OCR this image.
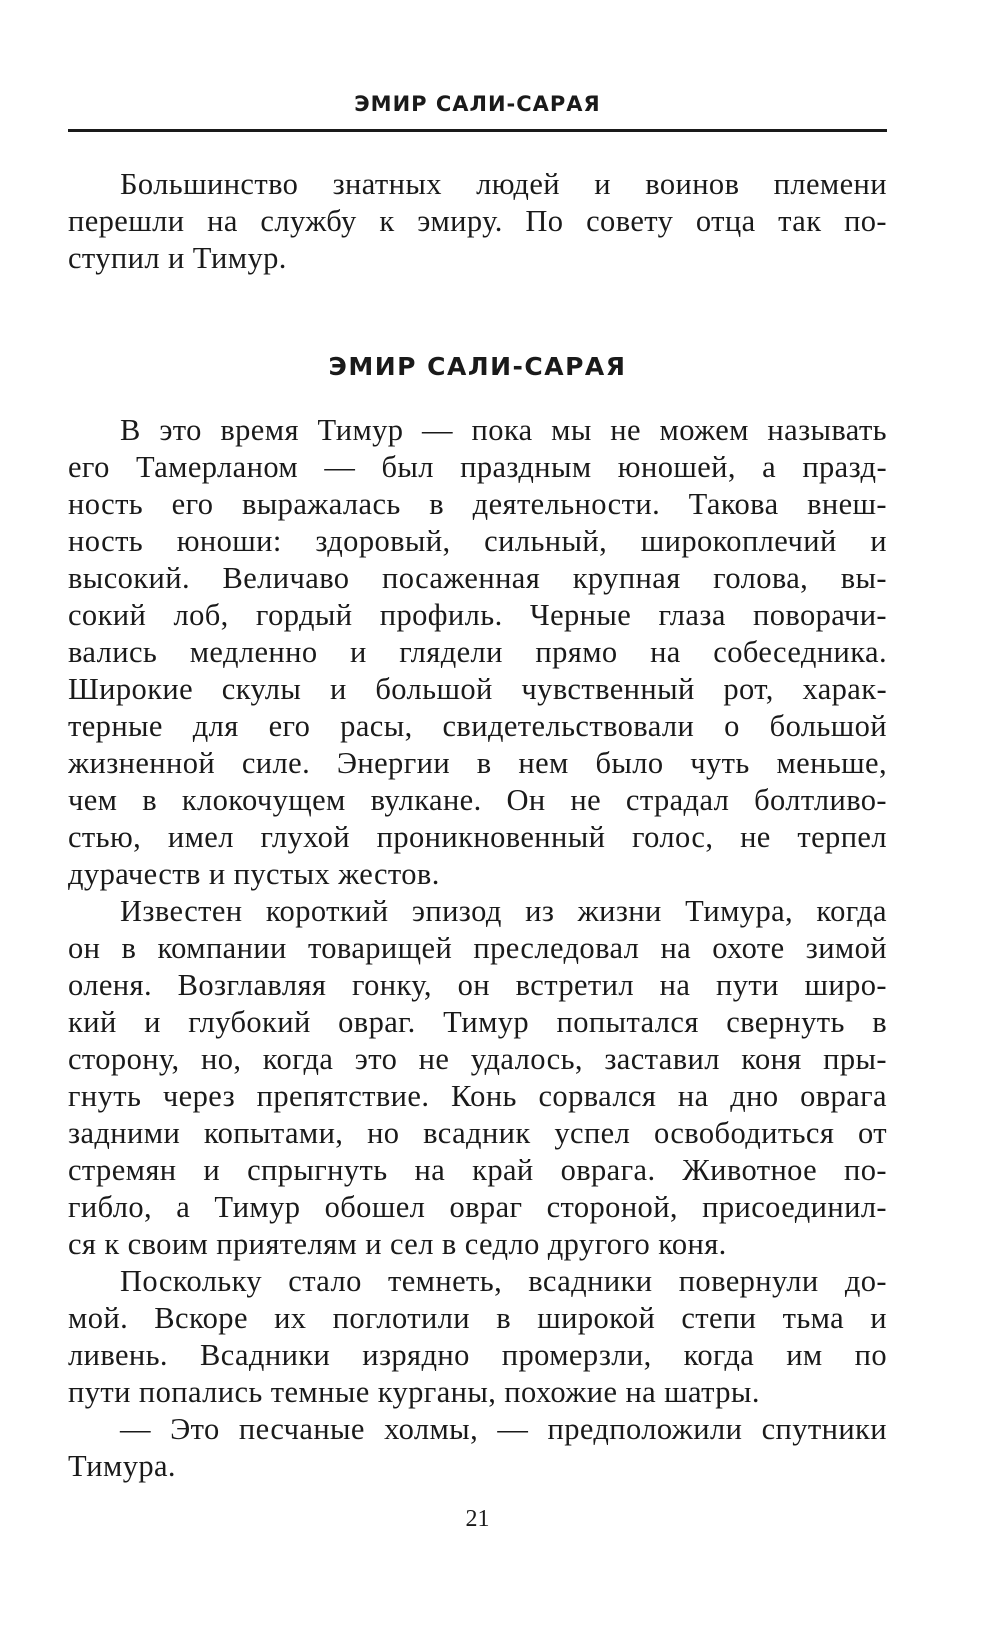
ЭМИР САЛИ-САРАЯ
Большинство знатных людей и воинов племени
перешли на службу к эмиру. По совету отца так по-
ступил и Тимур.
ЭМИР САЛИ-САРАЯ
В это время Тимур — пока мы не можем называть
его Тамерланом — был праздным юношей, а празд-
ность его выражалась в деятельности. Такова внеш-
ность юноши: здоровый, сильный, широкоплечий и
высокий. Величаво посаженная крупная голова, вы-
сокий лоб, гордый профиль. Черные глаза поворачи-
вались медленно и глядели прямо на собеседника.
Широкие скулы и большой чувственный рот, харак-
терные для его расы, свидетельствовали о большой
жизненной силе. Энергии в нем было чуть меньше,
чем в клокочущем вулкане. Он не страдал болтливо-
стью, имел глухой проникновенный голос, не терпел
дурачеств и пустых жестов.
Известен короткий эпизод из жизни Тимура, когда
он в компании товарищей преследовал на охоте зимой
оленя. Возглавляя гонку, он встретил на пути широ-
кий и глубокий овраг. Тимур попытался свернуть в
сторону, но, когда это не удалось, заставил коня пры-
гнуть через препятствие. Конь сорвался на дно оврага
задними копытами, но всадник успел освободиться от
стремян и спрыгнуть на край оврага. Животное по-
гибло, а Тимур обошел овраг стороной, присоединил-
ся к своим приятелям и сел в седло другого коня.
Поскольку стало темнеть, всадники повернули до-
мой. Вскоре их поглотили в широкой степи тьма и
ливень. Всадники изрядно промерзли, когда им по
пути попались темные курганы, похожие на шатры.
— Это песчаные холмы, — предположили спутники
Тимура.
21
